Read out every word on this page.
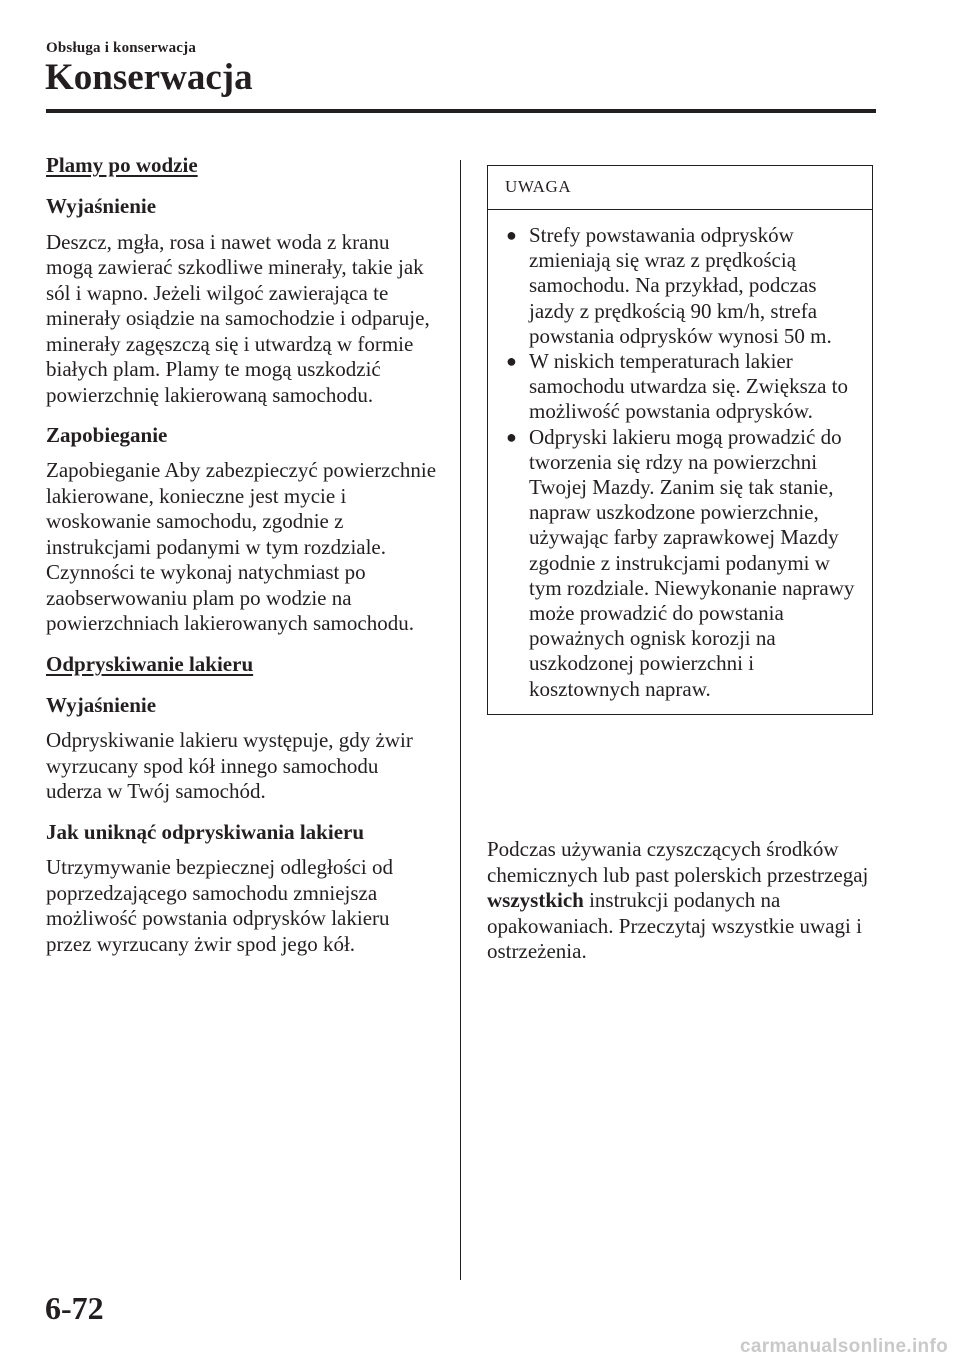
Obsługa i konserwacja
Konserwacja
Plamy po wodzie
Wyjaśnienie

Deszcz, mgła, rosa i nawet woda z kranu mogą zawierać szkodliwe minerały, takie jak sól i wapno. Jeżeli wilgoć zawierająca te minerały osiądzie na samochodzie i odparuje, minerały zagęszczą się i utwardzą w formie białych plam. Plamy te mogą uszkodzić powierzchnię lakierowaną samochodu.

Zapobieganie

Zapobieganie Aby zabezpieczyć powierzchnie lakierowane, konieczne jest mycie i woskowanie samochodu, zgodnie z instrukcjami podanymi w tym rozdziale. Czynności te wykonaj natychmiast po zaobserwowaniu plam po wodzie na powierzchniach lakierowanych samochodu.

Odpryskiwanie lakieru
Wyjaśnienie

Odpryskiwanie lakieru występuje, gdy żwir wyrzucany spod kół innego samochodu uderza w Twój samochód.

Jak uniknąć odpryskiwania lakieru

Utrzymywanie bezpiecznej odległości od poprzedzającego samochodu zmniejsza możliwość powstania odprysków lakieru przez wyrzucany żwir spod jego kół.

UWAGA
● Strefy powstawania odprysków zmieniają się wraz z prędkością samochodu. Na przykład, podczas jazdy z prędkością 90 km/h, strefa powstania odprysków wynosi 50 m.
● W niskich temperaturach lakier samochodu utwardza się. Zwiększa to możliwość powstania odprysków.
● Odpryski lakieru mogą prowadzić do tworzenia się rdzy na powierzchni Twojej Mazdy. Zanim się tak stanie, napraw uszkodzone powierzchnie, używając farby zaprawkowej Mazdy zgodnie z instrukcjami podanymi w tym rozdziale. Niewykonanie naprawy może prowadzić do powstania poważnych ognisk korozji na uszkodzonej powierzchni i kosztownych napraw.

Podczas używania czyszczących środków chemicznych lub past polerskich przestrzegaj wszystkich instrukcji podanych na opakowaniach. Przeczytaj wszystkie uwagi i ostrzeżenia.

6-72
carmanualsonline.info
